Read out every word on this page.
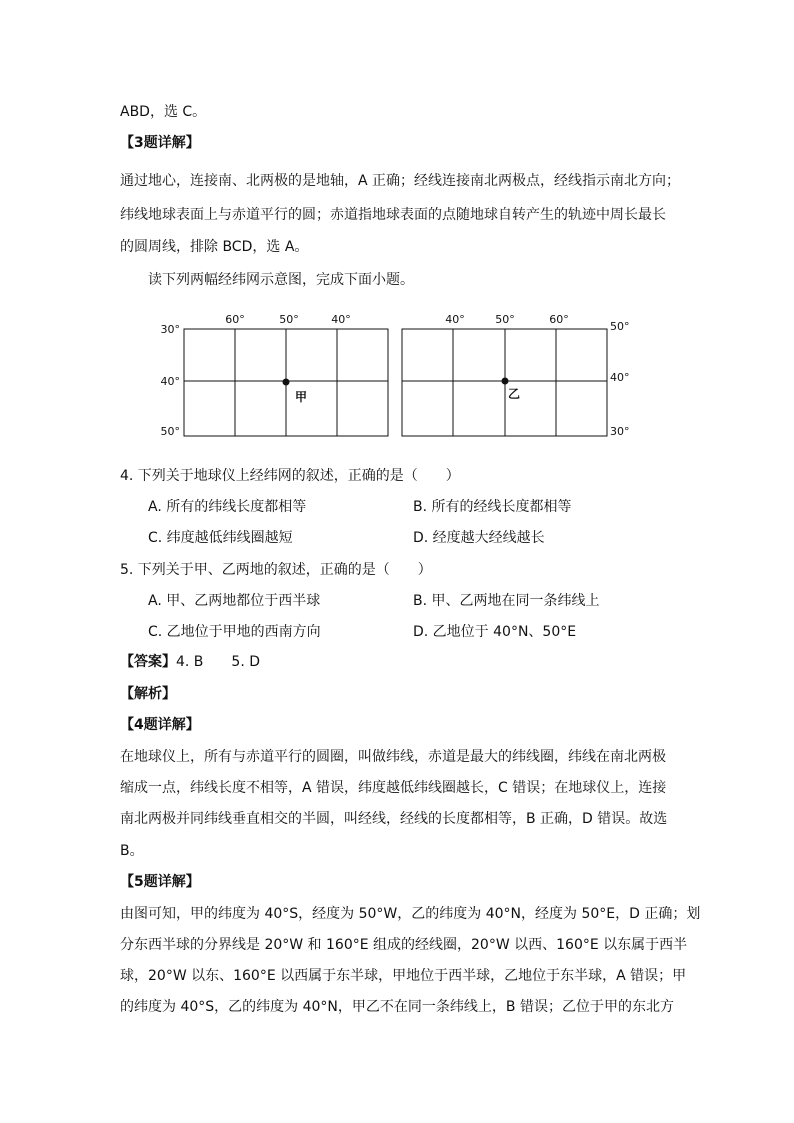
ABD，选 C。
【3题详解】
通过地心，连接南、北两极的是地轴，A 正确；经线连接南北两极点，经线指示南北方向；
纬线地球表面上与赤道平行的圆；赤道指地球表面的点随地球自转产生的轨迹中周长最长
的圆周线，排除 BCD，选 A。
读下列两幅经纬网示意图，完成下面小题。
60°	50°	40°
30°
40°
50°
甲
40°	50°	60°
50°
40°
30°
乙
4. 下列关于地球仪上经纬网的叙述，正确的是（　　）
A. 所有的纬线长度都相等	B. 所有的经线长度都相等
C. 纬度越低纬线圈越短	D. 经度越大经线越长
5. 下列关于甲、乙两地的叙述，正确的是（　　）
A. 甲、乙两地都位于西半球	B. 甲、乙两地在同一条纬线上
C. 乙地位于甲地的西南方向	D. 乙地位于 40°N、50°E
【答案】4. B　　5. D
【解析】
【4题详解】
在地球仪上，所有与赤道平行的圆圈，叫做纬线，赤道是最大的纬线圈，纬线在南北两极
缩成一点，纬线长度不相等，A 错误，纬度越低纬线圈越长，C 错误；在地球仪上，连接
南北两极并同纬线垂直相交的半圆，叫经线，经线的长度都相等，B 正确，D 错误。故选
B。
【5题详解】
由图可知，甲的纬度为 40°S，经度为 50°W，乙的纬度为 40°N，经度为 50°E，D 正确；划
分东西半球的分界线是 20°W 和 160°E 组成的经线圈，20°W 以西、160°E 以东属于西半
球，20°W 以东、160°E 以西属于东半球，甲地位于西半球，乙地位于东半球，A 错误；甲
的纬度为 40°S，乙的纬度为 40°N，甲乙不在同一条纬线上，B 错误；乙位于甲的东北方
